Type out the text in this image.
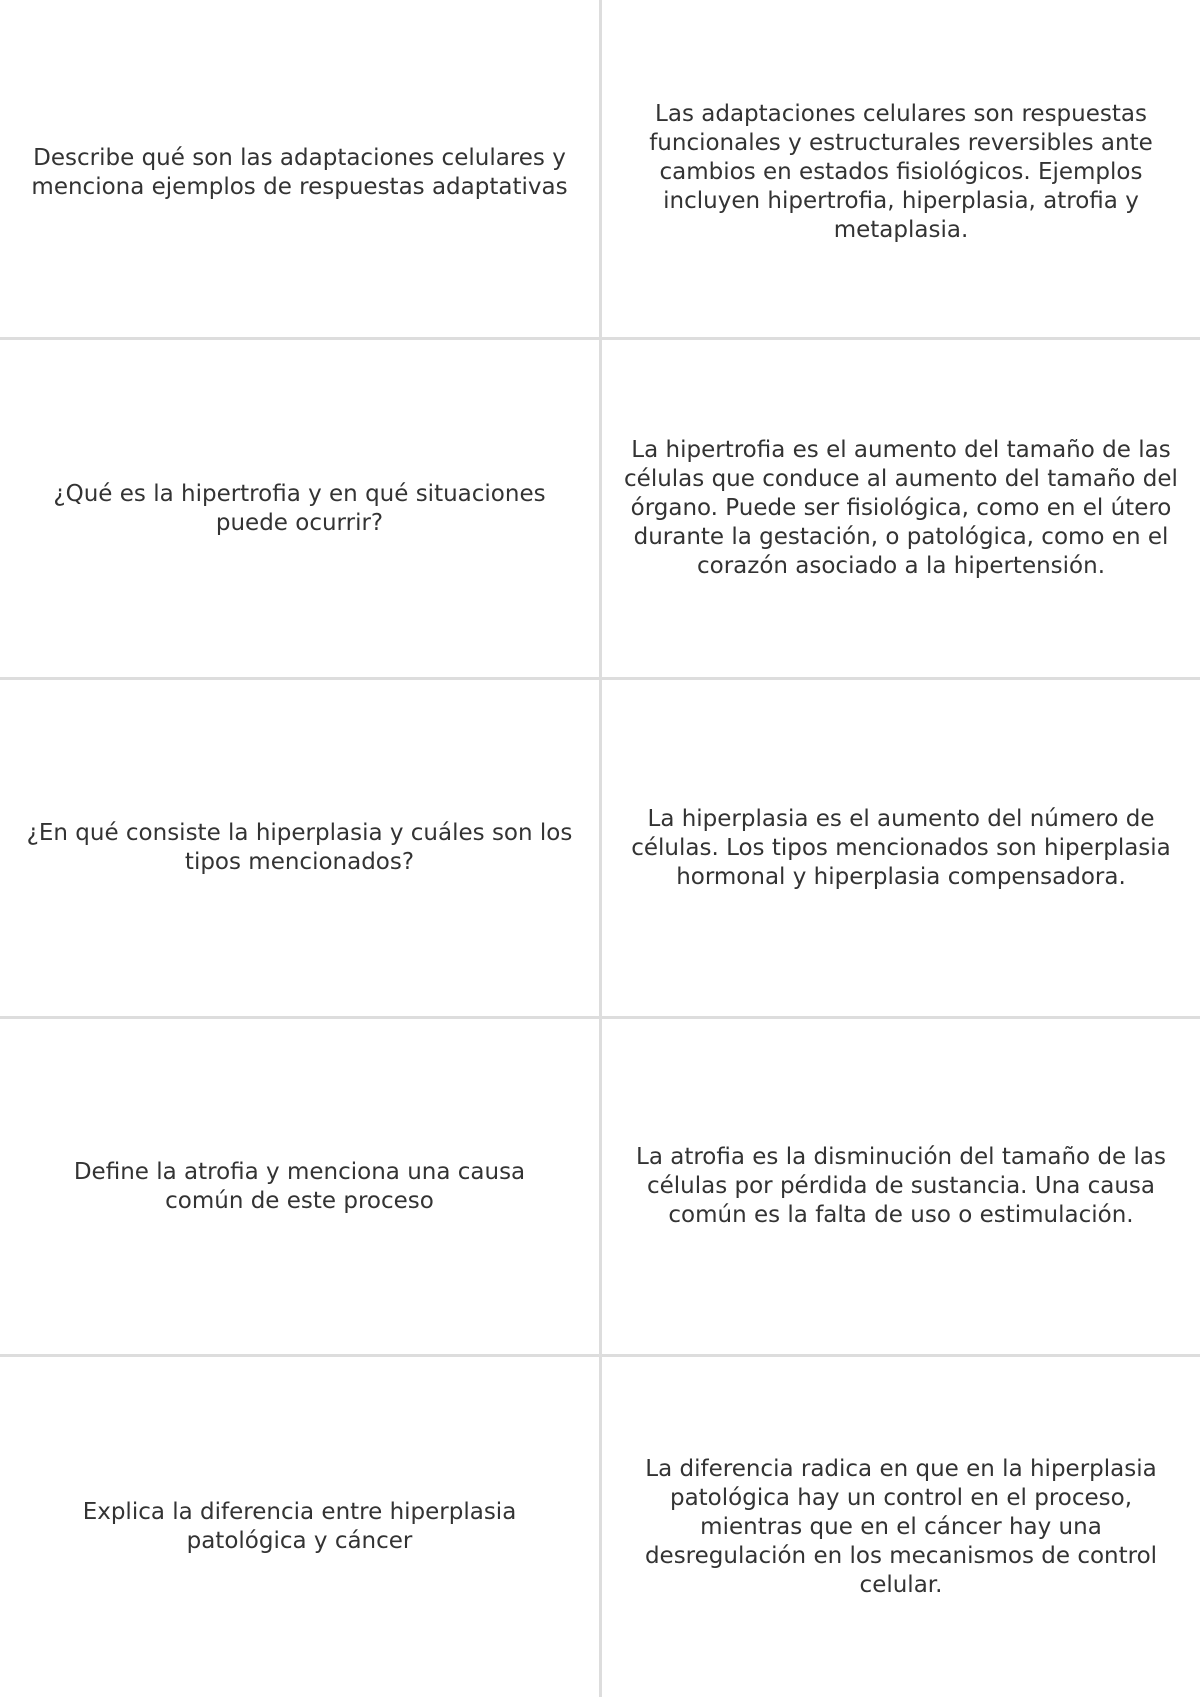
Describe qué son las adaptaciones celulares y menciona ejemplos de respuestas adaptativas
Las adaptaciones celulares son respuestas funcionales y estructurales reversibles ante cambios en estados fisiológicos. Ejemplos incluyen hipertrofia, hiperplasia, atrofia y metaplasia.
¿Qué es la hipertrofia y en qué situaciones puede ocurrir?
La hipertrofia es el aumento del tamaño de las células que conduce al aumento del tamaño del órgano. Puede ser fisiológica, como en el útero durante la gestación, o patológica, como en el corazón asociado a la hipertensión.
¿En qué consiste la hiperplasia y cuáles son los tipos mencionados?
La hiperplasia es el aumento del número de células. Los tipos mencionados son hiperplasia hormonal y hiperplasia compensadora.
Define la atrofia y menciona una causa común de este proceso
La atrofia es la disminución del tamaño de las células por pérdida de sustancia. Una causa común es la falta de uso o estimulación.
Explica la diferencia entre hiperplasia patológica y cáncer
La diferencia radica en que en la hiperplasia patológica hay un control en el proceso, mientras que en el cáncer hay una desregulación en los mecanismos de control celular.
